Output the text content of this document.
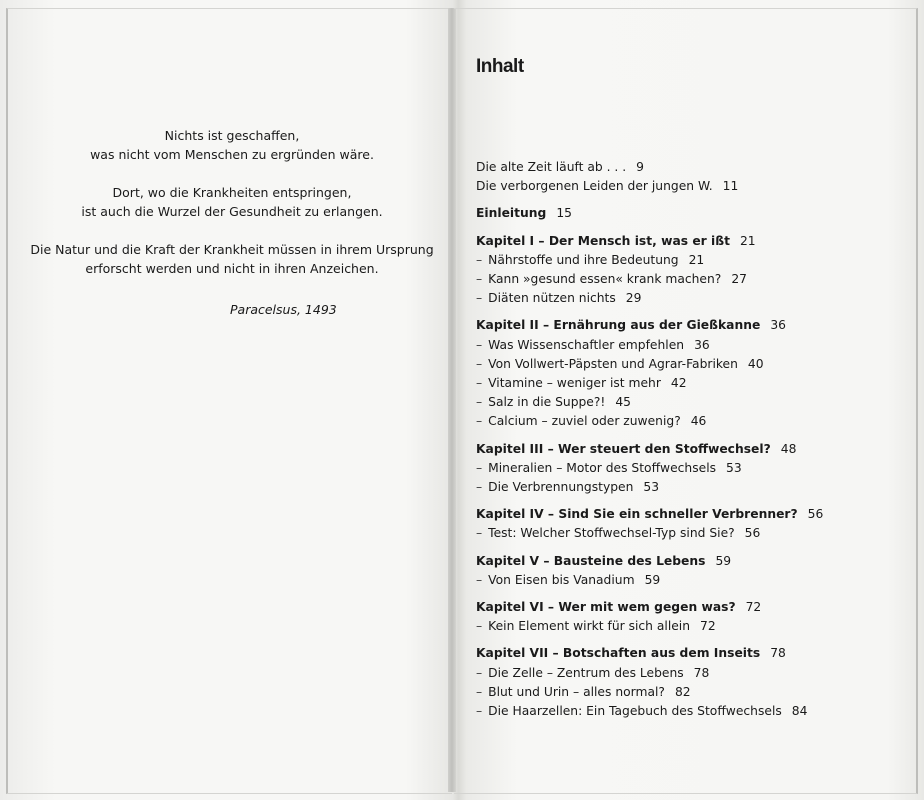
Nichts ist geschaffen,
was nicht vom Menschen zu ergründen wäre.

Dort, wo die Krankheiten entspringen,
ist auch die Wurzel der Gesundheit zu erlangen.

Die Natur und die Kraft der Krankheit müssen in ihrem Ursprung
erforscht werden und nicht in ihren Anzeichen.

Paracelsus, 1493
Inhalt
Die alte Zeit läuft ab . . . 9
Die verborgenen Leiden der jungen W. 11
Einleitung 15
Kapitel I – Der Mensch ist, was er ißt 21
– Nährstoffe und ihre Bedeutung 21
– Kann »gesund essen« krank machen? 27
– Diäten nützen nichts 29
Kapitel II – Ernährung aus der Gießkanne 36
– Was Wissenschaftler empfehlen 36
– Von Vollwert-Päpsten und Agrar-Fabriken 40
– Vitamine – weniger ist mehr 42
– Salz in die Suppe?! 45
– Calcium – zuviel oder zuwenig? 46
Kapitel III – Wer steuert den Stoffwechsel? 48
– Mineralien – Motor des Stoffwechsels 53
– Die Verbrennungstypen 53
Kapitel IV – Sind Sie ein schneller Verbrenner? 56
– Test: Welcher Stoffwechsel-Typ sind Sie? 56
Kapitel V – Bausteine des Lebens 59
– Von Eisen bis Vanadium 59
Kapitel VI – Wer mit wem gegen was? 72
– Kein Element wirkt für sich allein 72
Kapitel VII – Botschaften aus dem Inseits 78
– Die Zelle – Zentrum des Lebens 78
– Blut und Urin – alles normal? 82
– Die Haarzellen: Ein Tagebuch des Stoffwechsels 84
